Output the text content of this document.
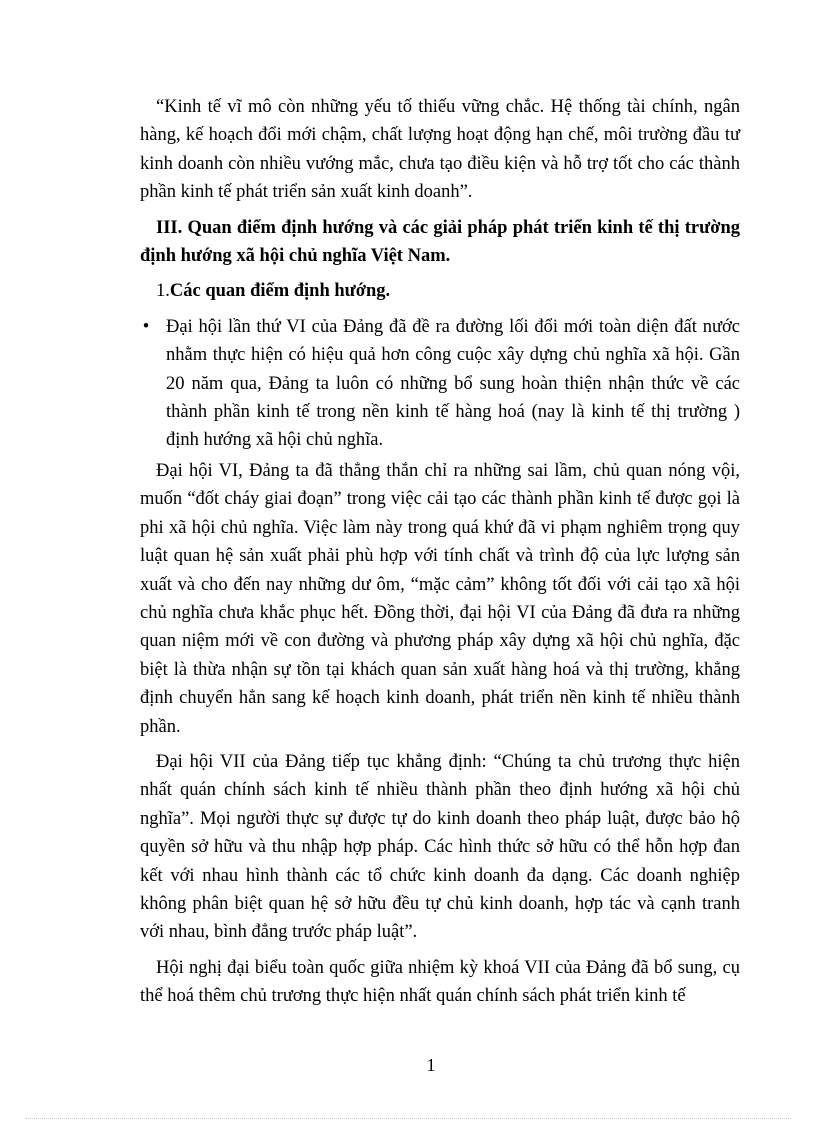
“Kinh tế vĩ mô còn những yếu tố thiếu vững chắc. Hệ thống tài chính, ngân hàng, kế hoạch đổi mới chậm, chất lượng hoạt động hạn chế, môi trường đầu tư kinh doanh còn nhiều vướng mắc, chưa tạo điều kiện và hỗ trợ tốt cho các thành phần kinh tế phát triển sản xuất kinh doanh”.

III. Quan điểm định hướng và các giải pháp phát triển kinh tế thị trường định hướng xã hội chủ nghĩa Việt Nam.

1.Các quan điểm định hướng.

• Đại hội lần thứ VI của Đảng đã đề ra đường lối đổi mới toàn diện đất nước nhằm thực hiện có hiệu quả hơn công cuộc xây dựng chủ nghĩa xã hội. Gần 20 năm qua, Đảng ta luôn có những bổ sung hoàn thiện nhận thức về các thành phần kinh tế trong nền kinh tế hàng hoá (nay là kinh tế thị trường ) định hướng xã hội chủ nghĩa.

Đại hội VI, Đảng ta đã thẳng thắn chỉ ra những sai lầm, chủ quan nóng vội, muốn “đốt cháy giai đoạn” trong việc cải tạo các thành phần kinh tế được gọi là phi xã hội chủ nghĩa. Việc làm này trong quá khứ đã vi phạm nghiêm trọng quy luật quan hệ sản xuất phải phù hợp với tính chất và trình độ của lực lượng sản xuất và cho đến nay những dư ôm, “mặc cảm” không tốt đối với cải tạo xã hội chủ nghĩa chưa khắc phục hết. Đồng thời, đại hội VI của Đảng đã đưa ra những quan niệm mới về con đường và phương pháp xây dựng xã hội chủ nghĩa, đặc biệt là thừa nhận sự tồn tại khách quan sản xuất hàng hoá và thị trường, khẳng định chuyển hẳn sang kế hoạch kinh doanh, phát triển nền kinh tế nhiều thành phần.

Đại hội VII của Đảng tiếp tục khẳng định: “Chúng ta chủ trương thực hiện nhất quán chính sách kinh tế nhiều thành phần theo định hướng xã hội chủ nghĩa”. Mọi người thực sự được tự do kinh doanh theo pháp luật, được bảo hộ quyền sở hữu và thu nhập hợp pháp. Các hình thức sở hữu có thể hỗn hợp đan kết với nhau hình thành các tổ chức kinh doanh đa dạng. Các doanh nghiệp không phân biệt quan hệ sở hữu đều tự chủ kinh doanh, hợp tác và cạnh tranh với nhau, bình đẳng trước pháp luật”.

Hội nghị đại biểu toàn quốc giữa nhiệm kỳ khoá VII của Đảng đã bổ sung, cụ thể hoá thêm chủ trương thực hiện nhất quán chính sách phát triển kinh tế

1
